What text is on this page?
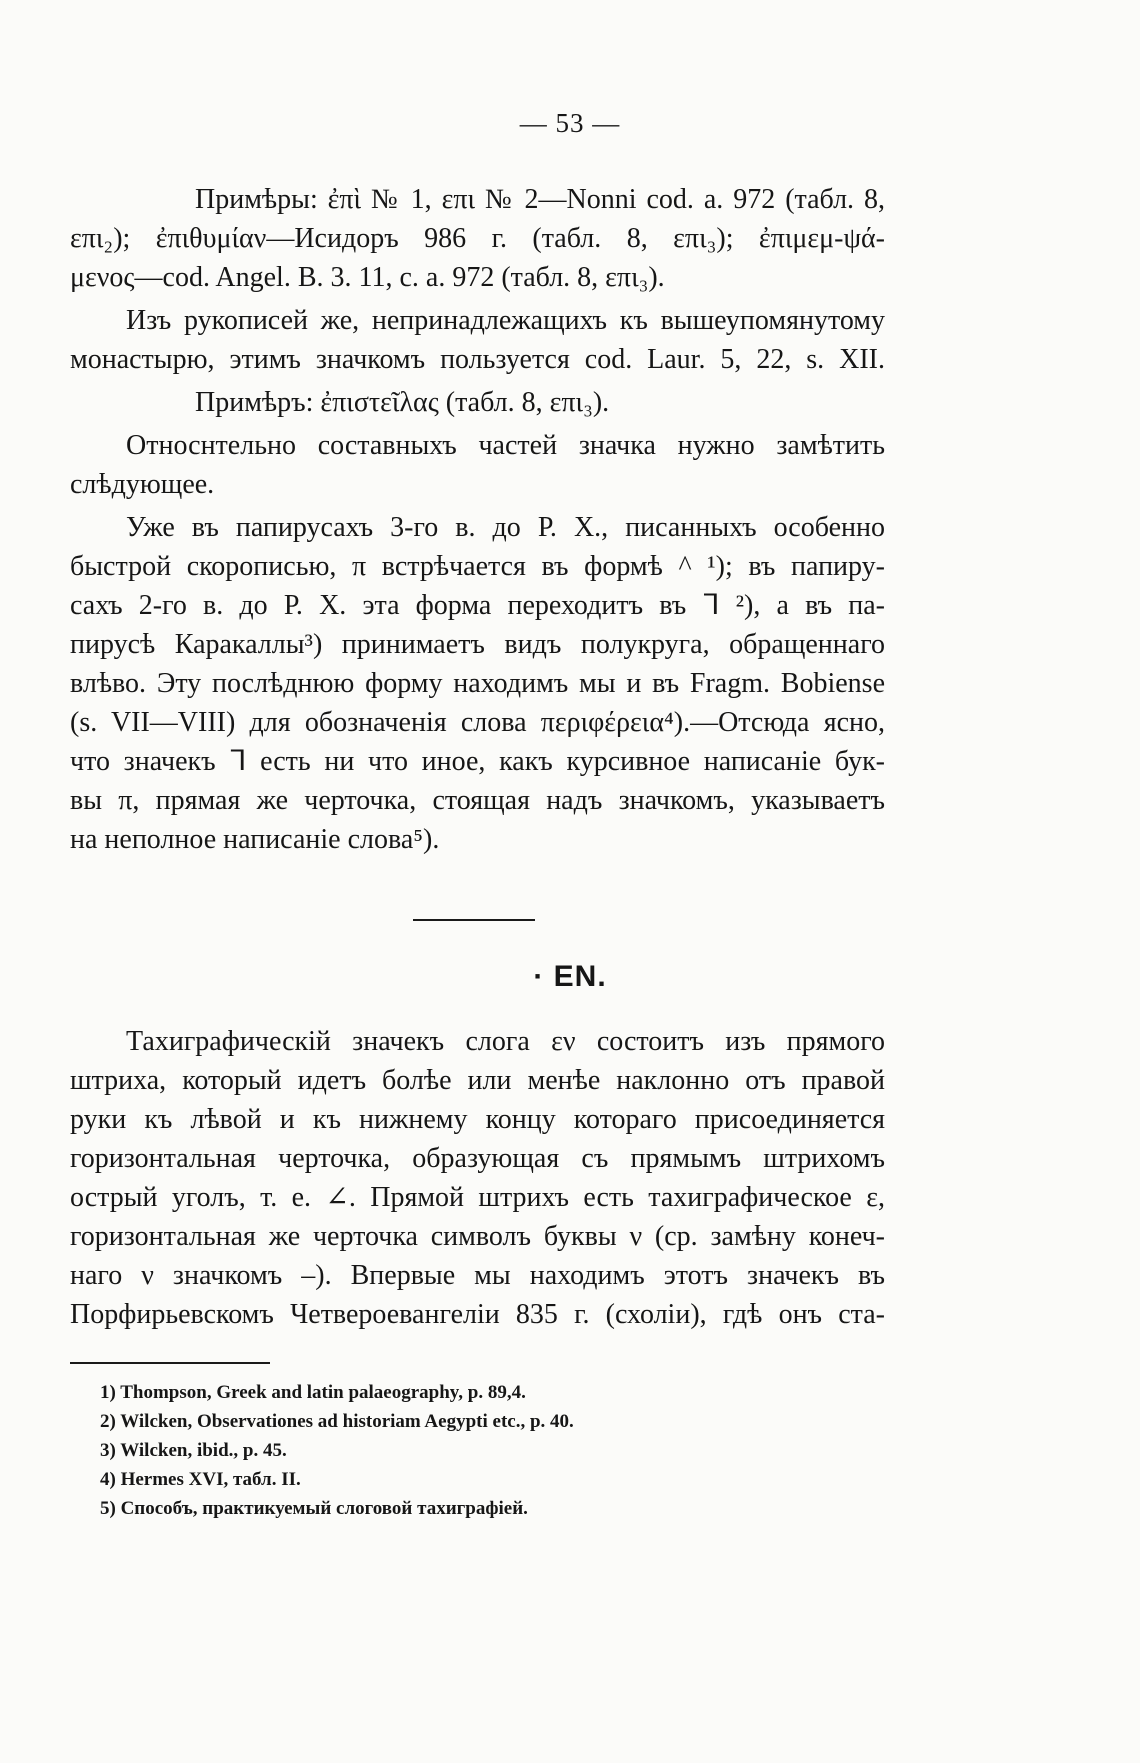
— 53 —

Примѣры: ἐπὶ № 1, επι № 2—Nonni cod. a. 972 (табл. 8,

επι₂); ἐπιθυμίαν—Исидоръ 986 г. (табл. 8, επι₃); ἐπιμεμ-ψά-
μενος—cod. Angel. B. 3. 11, c. a. 972 (табл. 8, επι₃).

Изъ рукописей же, непринадлежащихъ къ вышеупомянутому
монастырю, этимъ значкомъ пользуется cod. Laur. 5, 22, s. XII.

Примѣръ: ἐπιστεῖλας (табл. 8, επι₃).

Относнтельно составныхъ частей значка нужно замѣтить
слѣдующее.

Уже въ папирусахъ 3-го в. до Р. Х., писанныхъ особенно
быстрой скорописью, π встрѣчается въ формѣ ^ ¹); въ папиру-
сахъ 2-го в. до Р. Х. эта форма переходитъ въ ᒣ ²), а въ па-
пирусѣ Каракаллы³) принимаетъ видъ полукруга, обращеннаго
влѣво. Эту послѣднюю форму находимъ мы и въ Fragm. Bobiense
(s. VII—VIII) для обозначенія слова περιφέρεια⁴).—Отсюда ясно,
что значекъ ᒣ есть ни что иное, какъ курсивное написаніе бук-
вы π, прямая же черточка, стоящая надъ значкомъ, указываетъ
на неполное написаніе слова⁵).

· EN.

Тахиграфическій значекъ слога εν состоитъ изъ прямого
штриха, который идетъ болѣе или менѣе наклонно отъ правой
руки къ лѣвой и къ нижнему концу котораго присоединяется
горизонтальная черточка, образующая съ прямымъ штрихомъ
острый уголъ, т. е. ∠. Прямой штрихъ есть тахиграфическое ε,
горизонтальная же черточка символъ буквы ν (ср. замѣну конеч-
наго ν значкомъ –). Впервые мы находимъ этотъ значекъ въ
Порфирьевскомъ Четвероевангеліи 835 г. (схоліи), гдѣ онъ ста-

1) Thompson, Greek and latin palaeography, p. 89,4.
2) Wilcken, Observationes ad historiam Aegypti etc., p. 40.
3) Wilcken, ibid., p. 45.
4) Hermes XVI, табл. II.
5) Способъ, практикуемый слоговой тахиграфіей.
